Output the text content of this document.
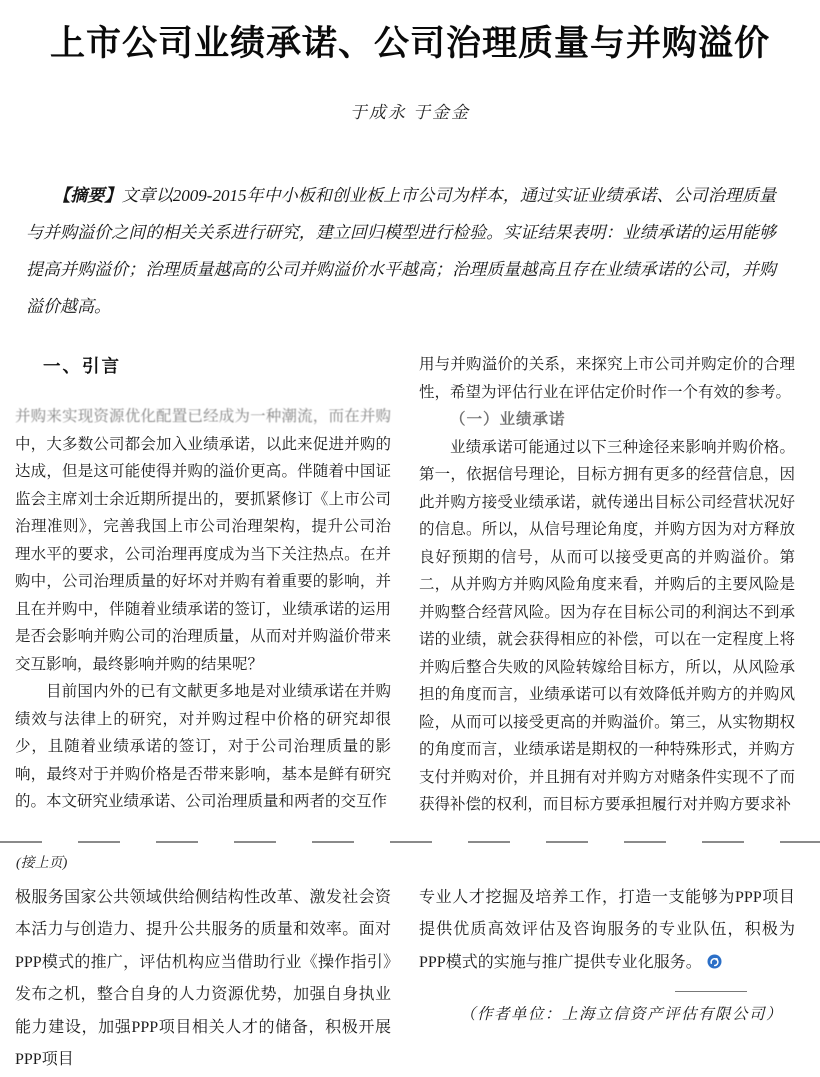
上市公司业绩承诺、公司治理质量与并购溢价
于成永 于金金
【摘要】文章以2009-2015年中小板和创业板上市公司为样本，通过实证业绩承诺、公司治理质量与并购溢价之间的相关关系进行研究，建立回归模型进行检验。实证结果表明：业绩承诺的运用能够提高并购溢价；治理质量越高的公司并购溢价水平越高；治理质量越高且存在业绩承诺的公司，并购溢价越高。
一、引言

并购来实现资源优化配置已经成为一种潮流，而在并购中，大多数公司都会加入业绩承诺，以此来促进并购的达成，但是这可能使得并购的溢价更高。伴随着中国证监会主席刘士余近期所提出的，要抓紧修订《上市公司治理准则》，完善我国上市公司治理架构，提升公司治理水平的要求，公司治理再度成为当下关注热点。在并购中，公司治理质量的好坏对并购有着重要的影响，并且在并购中，伴随着业绩承诺的签订，业绩承诺的运用是否会影响并购公司的治理质量，从而对并购溢价带来交互影响，最终影响并购的结果呢？

目前国内外的已有文献更多地是对业绩承诺在并购绩效与法律上的研究，对并购过程中价格的研究却很少，且随着业绩承诺的签订，对于公司治理质量的影响，最终对于并购价格是否带来影响，基本是鲜有研究的。本文研究业绩承诺、公司治理质量和两者的交互作

用与并购溢价的关系，来探究上市公司并购定价的合理性，希望为评估行业在评估定价时作一个有效的参考。

（一）业绩承诺

业绩承诺可能通过以下三种途径来影响并购价格。第一，依据信号理论，目标方拥有更多的经营信息，因此并购方接受业绩承诺，就传递出目标公司经营状况好的信息。所以，从信号理论角度，并购方因为对方释放良好预期的信号，从而可以接受更高的并购溢价。第二，从并购方并购风险角度来看，并购后的主要风险是并购整合经营风险。因为存在目标公司的利润达不到承诺的业绩，就会获得相应的补偿，可以在一定程度上将并购后整合失败的风险转嫁给目标方，所以，从风险承担的角度而言，业绩承诺可以有效降低并购方的并购风险，从而可以接受更高的并购溢价。第三，从实物期权的角度而言，业绩承诺是期权的一种特殊形式，并购方支付并购对价，并且拥有对并购方对赌条件实现不了而获得补偿的权利，而目标方要承担履行对并购方要求补

(接上页)

极服务国家公共领域供给侧结构性改革、激发社会资本活力与创造力、提升公共服务的质量和效率。面对PPP模式的推广，评估机构应当借助行业《操作指引》发布之机，整合自身的人力资源优势，加强自身执业能力建设，加强PPP项目相关人才的储备，积极开展PPP项目

专业人才挖掘及培养工作，打造一支能够为PPP项目提供优质高效评估及咨询服务的专业队伍，积极为PPP模式的实施与推广提供专业化服务。

（作者单位：上海立信资产评估有限公司）
